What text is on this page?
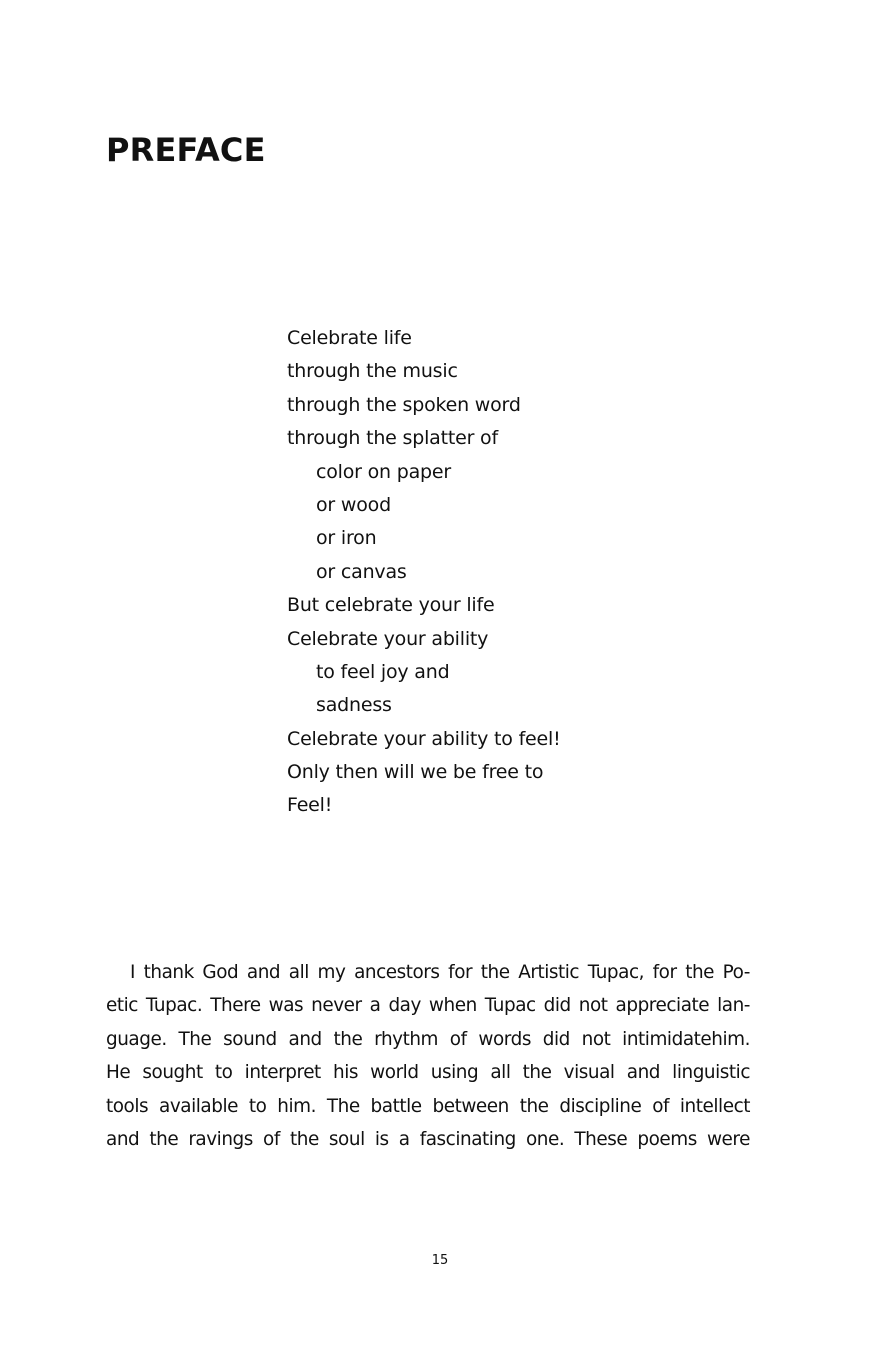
PREFACE
Celebrate life
through the music
through the spoken word
through the splatter of
color on paper
or wood
or iron
or canvas
But celebrate your life
Celebrate your ability
to feel joy and
sadness
Celebrate your ability to feel!
Only then will we be free to
Feel!
I thank God and all my ancestors for the Artistic Tupac, for the Po-
etic Tupac. There was never a day when Tupac did not appreciate lan-
guage. The sound and the rhythm of words did not intimidatehim.
He sought to interpret his world using all the visual and linguistic
tools available to him. The battle between the discipline of intellect
and the ravings of the soul is a fascinating one. These poems were
15
